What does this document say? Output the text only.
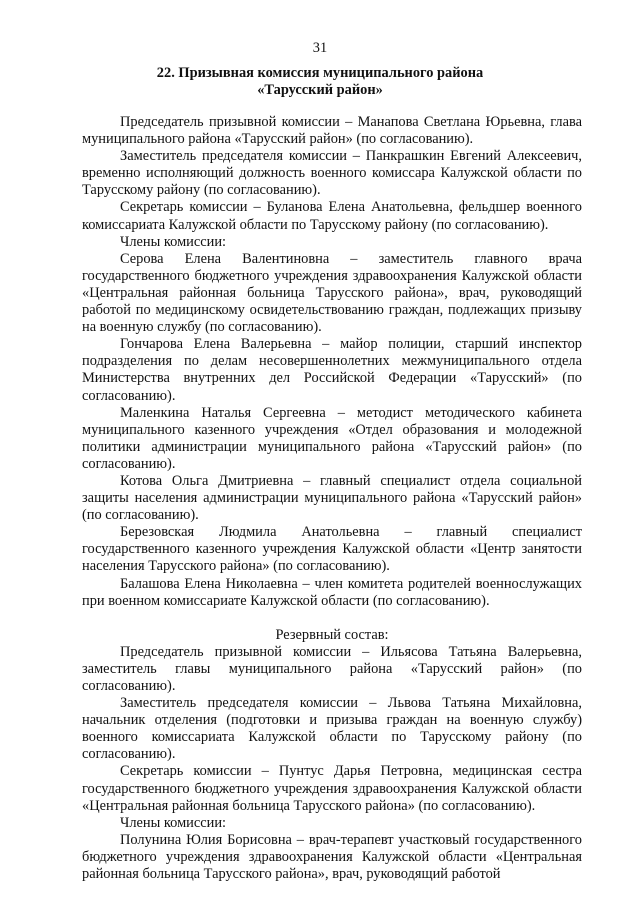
31
22. Призывная комиссия муниципального района
«Тарусский район»

Председатель призывной комиссии – Манапова Светлана Юрьевна, глава муниципального района «Тарусский район» (по согласованию).

Заместитель председателя комиссии – Панкрашкин Евгений Алексеевич, временно исполняющий должность военного комиссара Калужской области по Тарусскому району (по согласованию).

Секретарь комиссии – Буланова Елена Анатольевна, фельдшер военного комиссариата Калужской области по Тарусскому району (по согласованию).

Члены комиссии:

Серова Елена Валентиновна – заместитель главного врача государственного бюджетного учреждения здравоохранения Калужской области «Центральная районная больница Тарусского района», врач, руководящий работой по медицинскому освидетельствованию граждан, подлежащих призыву на военную службу (по согласованию).

Гончарова Елена Валерьевна – майор полиции, старший инспектор подразделения по делам несовершеннолетних межмуниципального отдела Министерства внутренних дел Российской Федерации «Тарусский» (по согласованию).

Маленкина Наталья Сергеевна – методист методического кабинета муниципального казенного учреждения «Отдел образования и молодежной политики администрации муниципального района «Тарусский район» (по согласованию).

Котова Ольга Дмитриевна – главный специалист отдела социальной защиты населения администрации муниципального района «Тарусский район» (по согласованию).

Березовская Людмила Анатольевна – главный специалист государственного казенного учреждения Калужской области «Центр занятости населения Тарусского района» (по согласованию).

Балашова Елена Николаевна – член комитета родителей военнослужащих при военном комиссариате Калужской области (по согласованию).

Резервный состав:

Председатель призывной комиссии – Ильясова Татьяна Валерьевна, заместитель главы муниципального района «Тарусский район» (по согласованию).

Заместитель председателя комиссии – Львова Татьяна Михайловна, начальник отделения (подготовки и призыва граждан на военную службу) военного комиссариата Калужской области по Тарусскому району (по согласованию).

Секретарь комиссии – Пунтус Дарья Петровна, медицинская сестра государственного бюджетного учреждения здравоохранения Калужской области «Центральная районная больница Тарусского района» (по согласованию).

Члены комиссии:

Полунина Юлия Борисовна – врач-терапевт участковый государственного бюджетного учреждения здравоохранения Калужской области «Центральная районная больница Тарусского района», врач, руководящий работой
